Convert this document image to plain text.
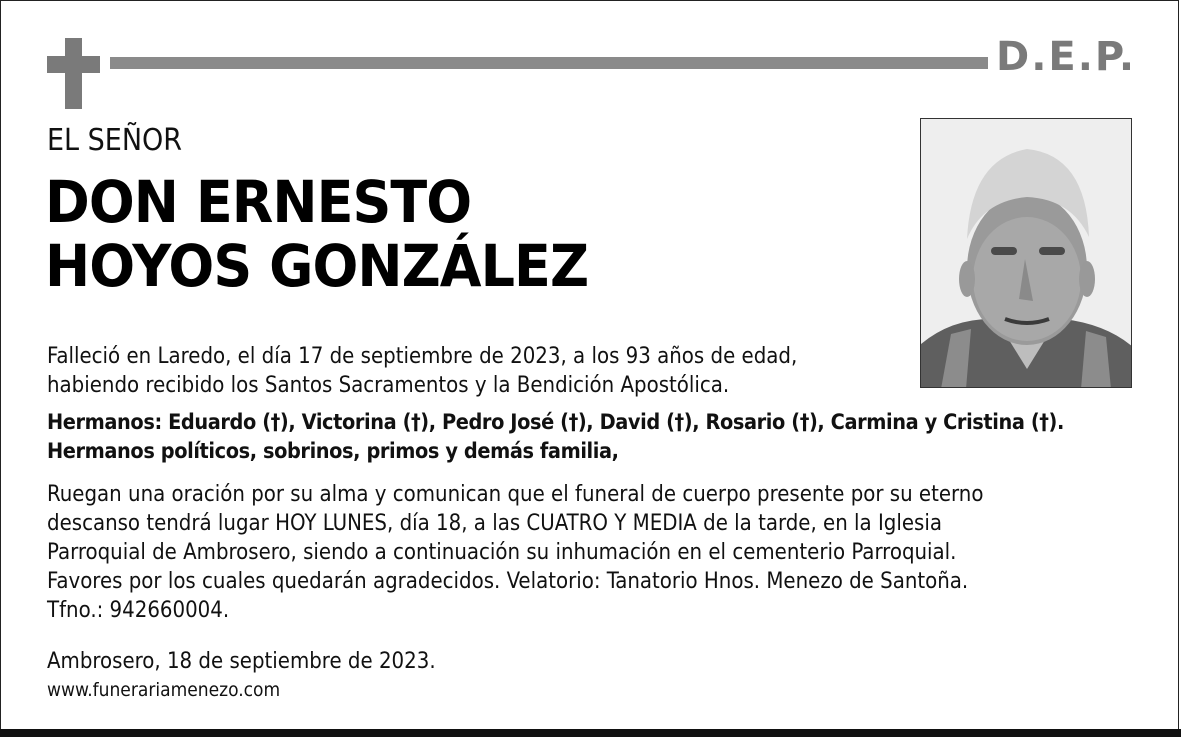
D.E.P.
EL SEÑOR
DON ERNESTO
HOYOS GONZÁLEZ
Falleció en Laredo, el día 17 de septiembre de 2023, a los 93 años de edad,
habiendo recibido los Santos Sacramentos y la Bendición Apostólica.
Hermanos: Eduardo (†), Victorina (†), Pedro José (†), David (†), Rosario (†), Carmina y Cristina (†).
Hermanos políticos, sobrinos, primos y demás familia,
Ruegan una oración por su alma y comunican que el funeral de cuerpo presente por su eterno
descanso tendrá lugar HOY LUNES, día 18, a las CUATRO Y MEDIA de la tarde, en la Iglesia
Parroquial de Ambrosero, siendo a continuación su inhumación en el cementerio Parroquial.
Favores por los cuales quedarán agradecidos. Velatorio: Tanatorio Hnos. Menezo de Santoña.
Tfno.: 942660004.
Ambrosero, 18 de septiembre de 2023.
www.funerariamenezo.com
